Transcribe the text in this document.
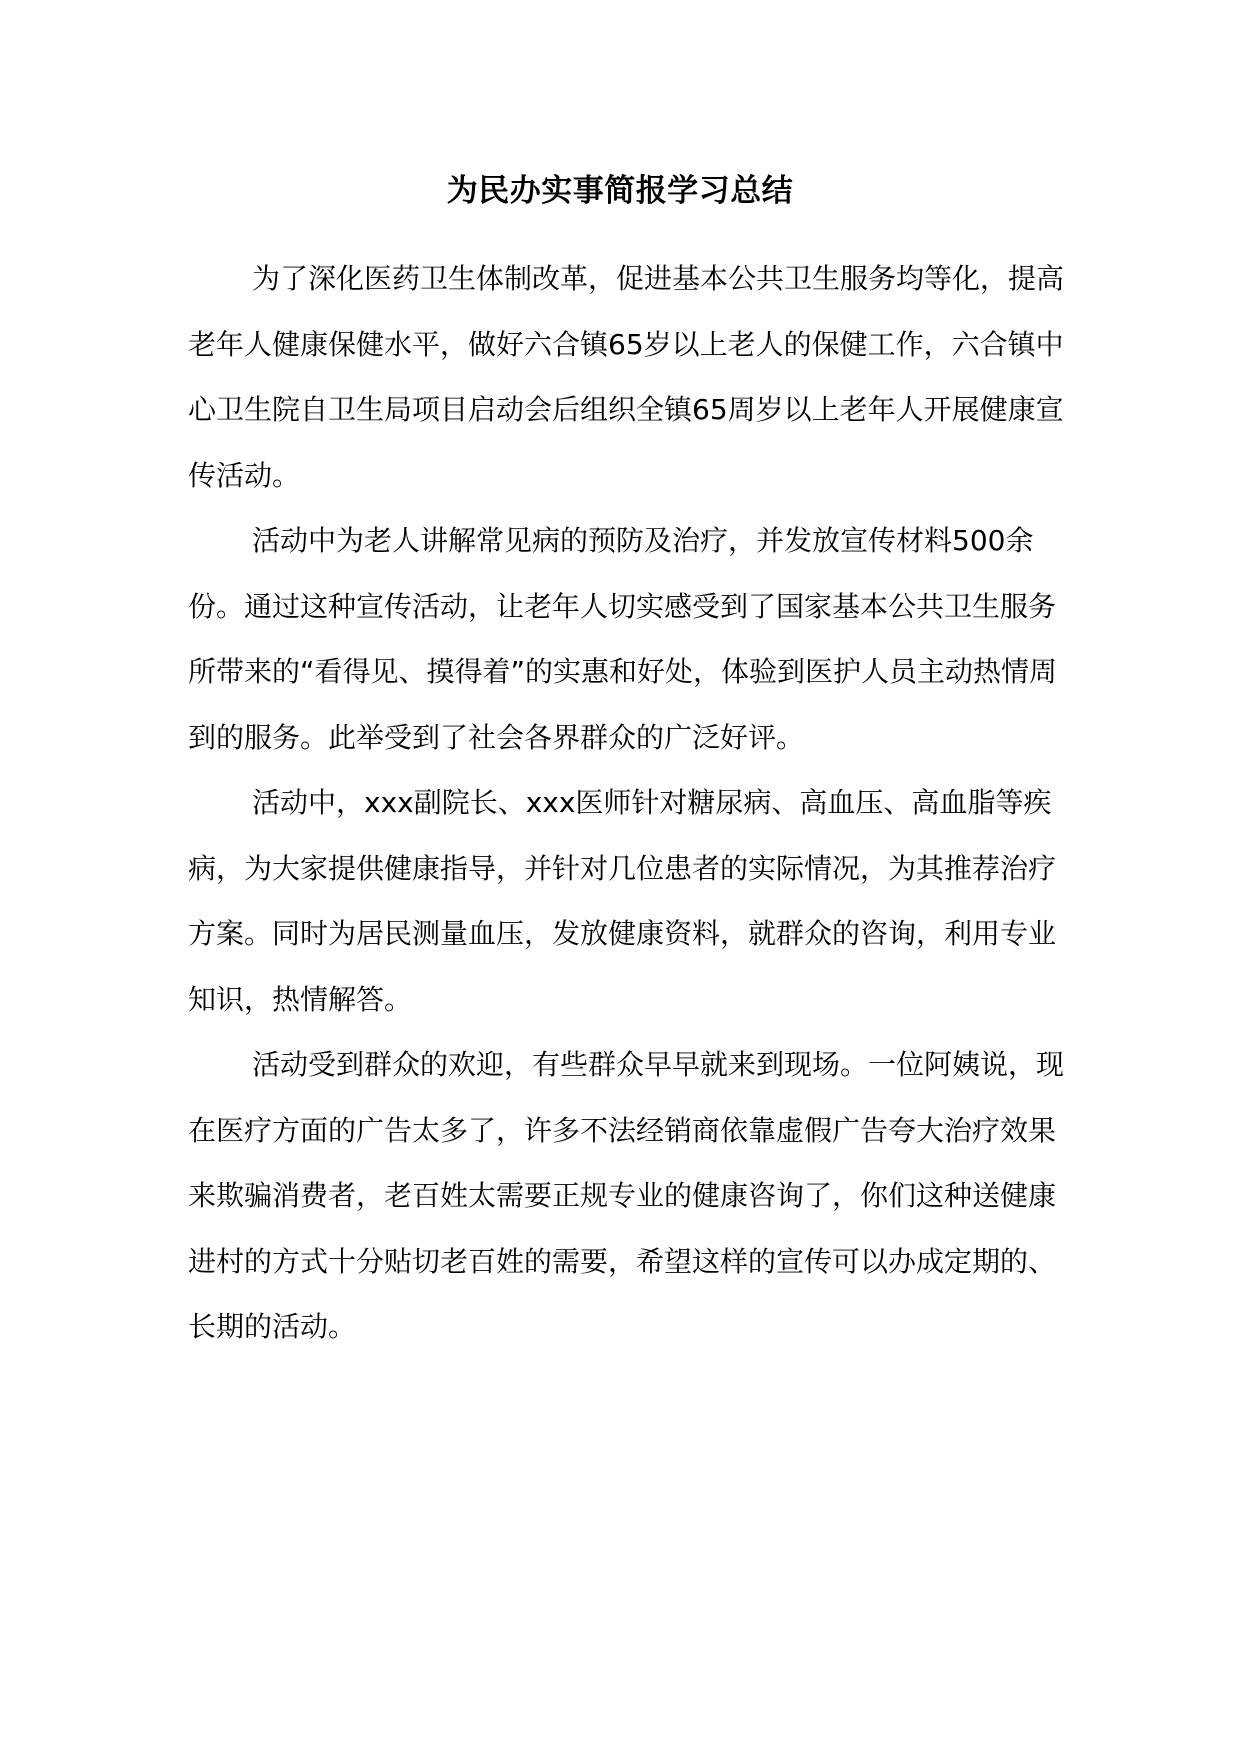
为民办实事简报学习总结

为了深化医药卫生体制改革，促进基本公共卫生服务均等化，提高老年人健康保健水平，做好六合镇65岁以上老人的保健工作，六合镇中心卫生院自卫生局项目启动会后组织全镇65周岁以上老年人开展健康宣传活动。

活动中为老人讲解常见病的预防及治疗，并发放宣传材料500余份。通过这种宣传活动，让老年人切实感受到了国家基本公共卫生服务所带来的“看得见、摸得着”的实惠和好处，体验到医护人员主动热情周到的服务。此举受到了社会各界群众的广泛好评。

活动中，xxx副院长、xxx医师针对糖尿病、高血压、高血脂等疾病，为大家提供健康指导，并针对几位患者的实际情况，为其推荐治疗方案。同时为居民测量血压，发放健康资料，就群众的咨询，利用专业知识，热情解答。

活动受到群众的欢迎，有些群众早早就来到现场。一位阿姨说，现在医疗方面的广告太多了，许多不法经销商依靠虚假广告夸大治疗效果来欺骗消费者，老百姓太需要正规专业的健康咨询了，你们这种送健康进村的方式十分贴切老百姓的需要，希望这样的宣传可以办成定期的、长期的活动。
